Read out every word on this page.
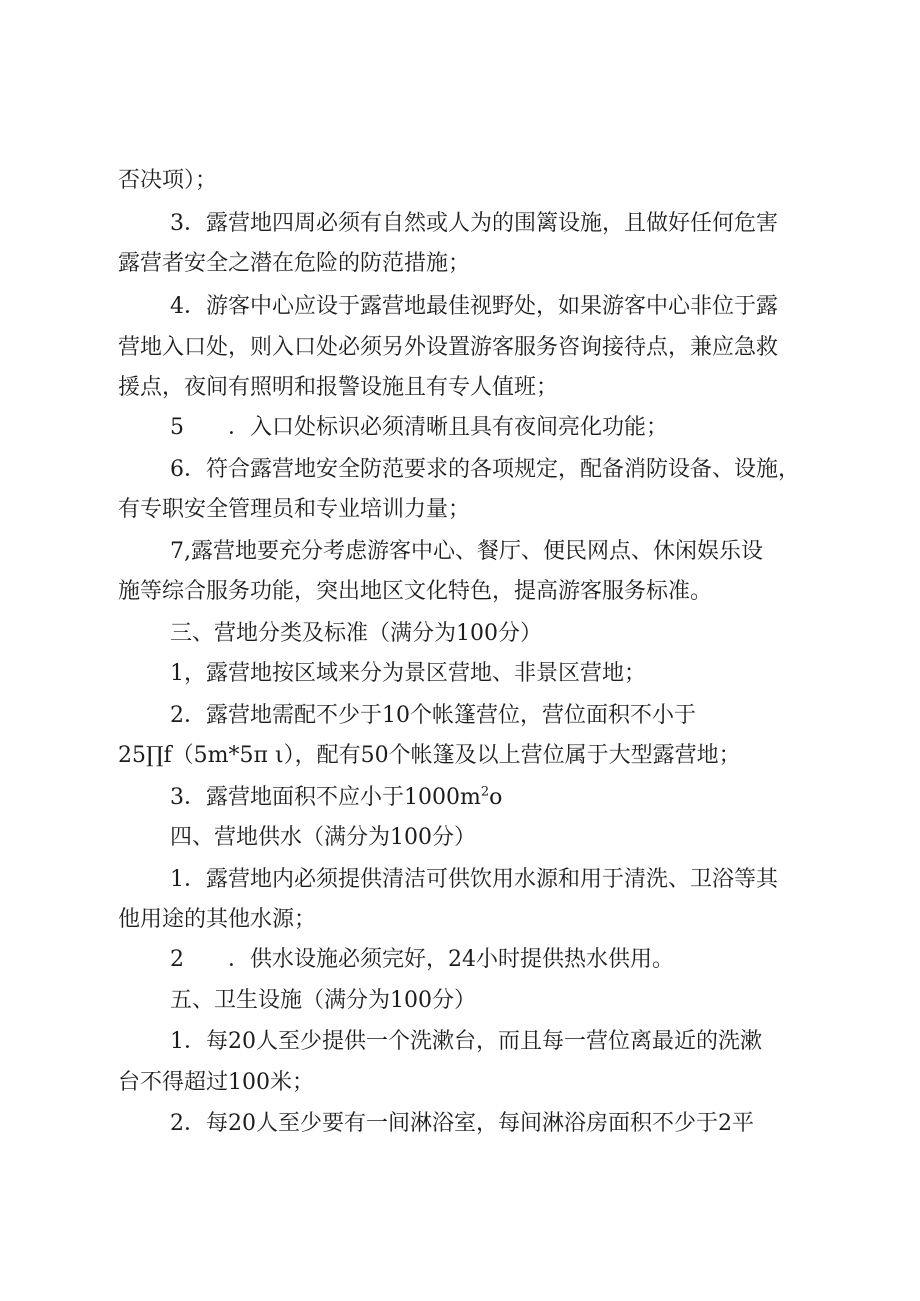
否决项）；
3．露营地四周必须有自然或人为的围篱设施，且做好任何危害
露营者安全之潜在危险的防范措施；
4．游客中心应设于露营地最佳视野处，如果游客中心非位于露
营地入口处，则入口处必须另外设置游客服务咨询接待点，兼应急救
援点，夜间有照明和报警设施且有专人值班；
5　　．入口处标识必须清晰且具有夜间亮化功能；
6．符合露营地安全防范要求的各项规定，配备消防设备、设施，
有专职安全管理员和专业培训力量；
7,露营地要充分考虑游客中心、餐厅、便民网点、休闲娱乐设
施等综合服务功能，突出地区文化特色，提高游客服务标准。
三、营地分类及标准（满分为100分）
1，露营地按区域来分为景区营地、非景区营地；
2．露营地需配不少于10个帐篷营位，营位面积不小于
25∏f（5m*5π ι），配有50个帐篷及以上营位属于大型露营地；
3．露营地面积不应小于$1000m^2o$
四、营地供水（满分为100分）
1．露营地内必须提供清洁可供饮用水源和用于清洗、卫浴等其
他用途的其他水源；
2　　．供水设施必须完好，24小时提供热水供用。
五、卫生设施（满分为100分）
1．每20人至少提供一个洗漱台，而且每一营位离最近的洗漱
台不得超过100米；
2．每20人至少要有一间淋浴室，每间淋浴房面积不少于2平
